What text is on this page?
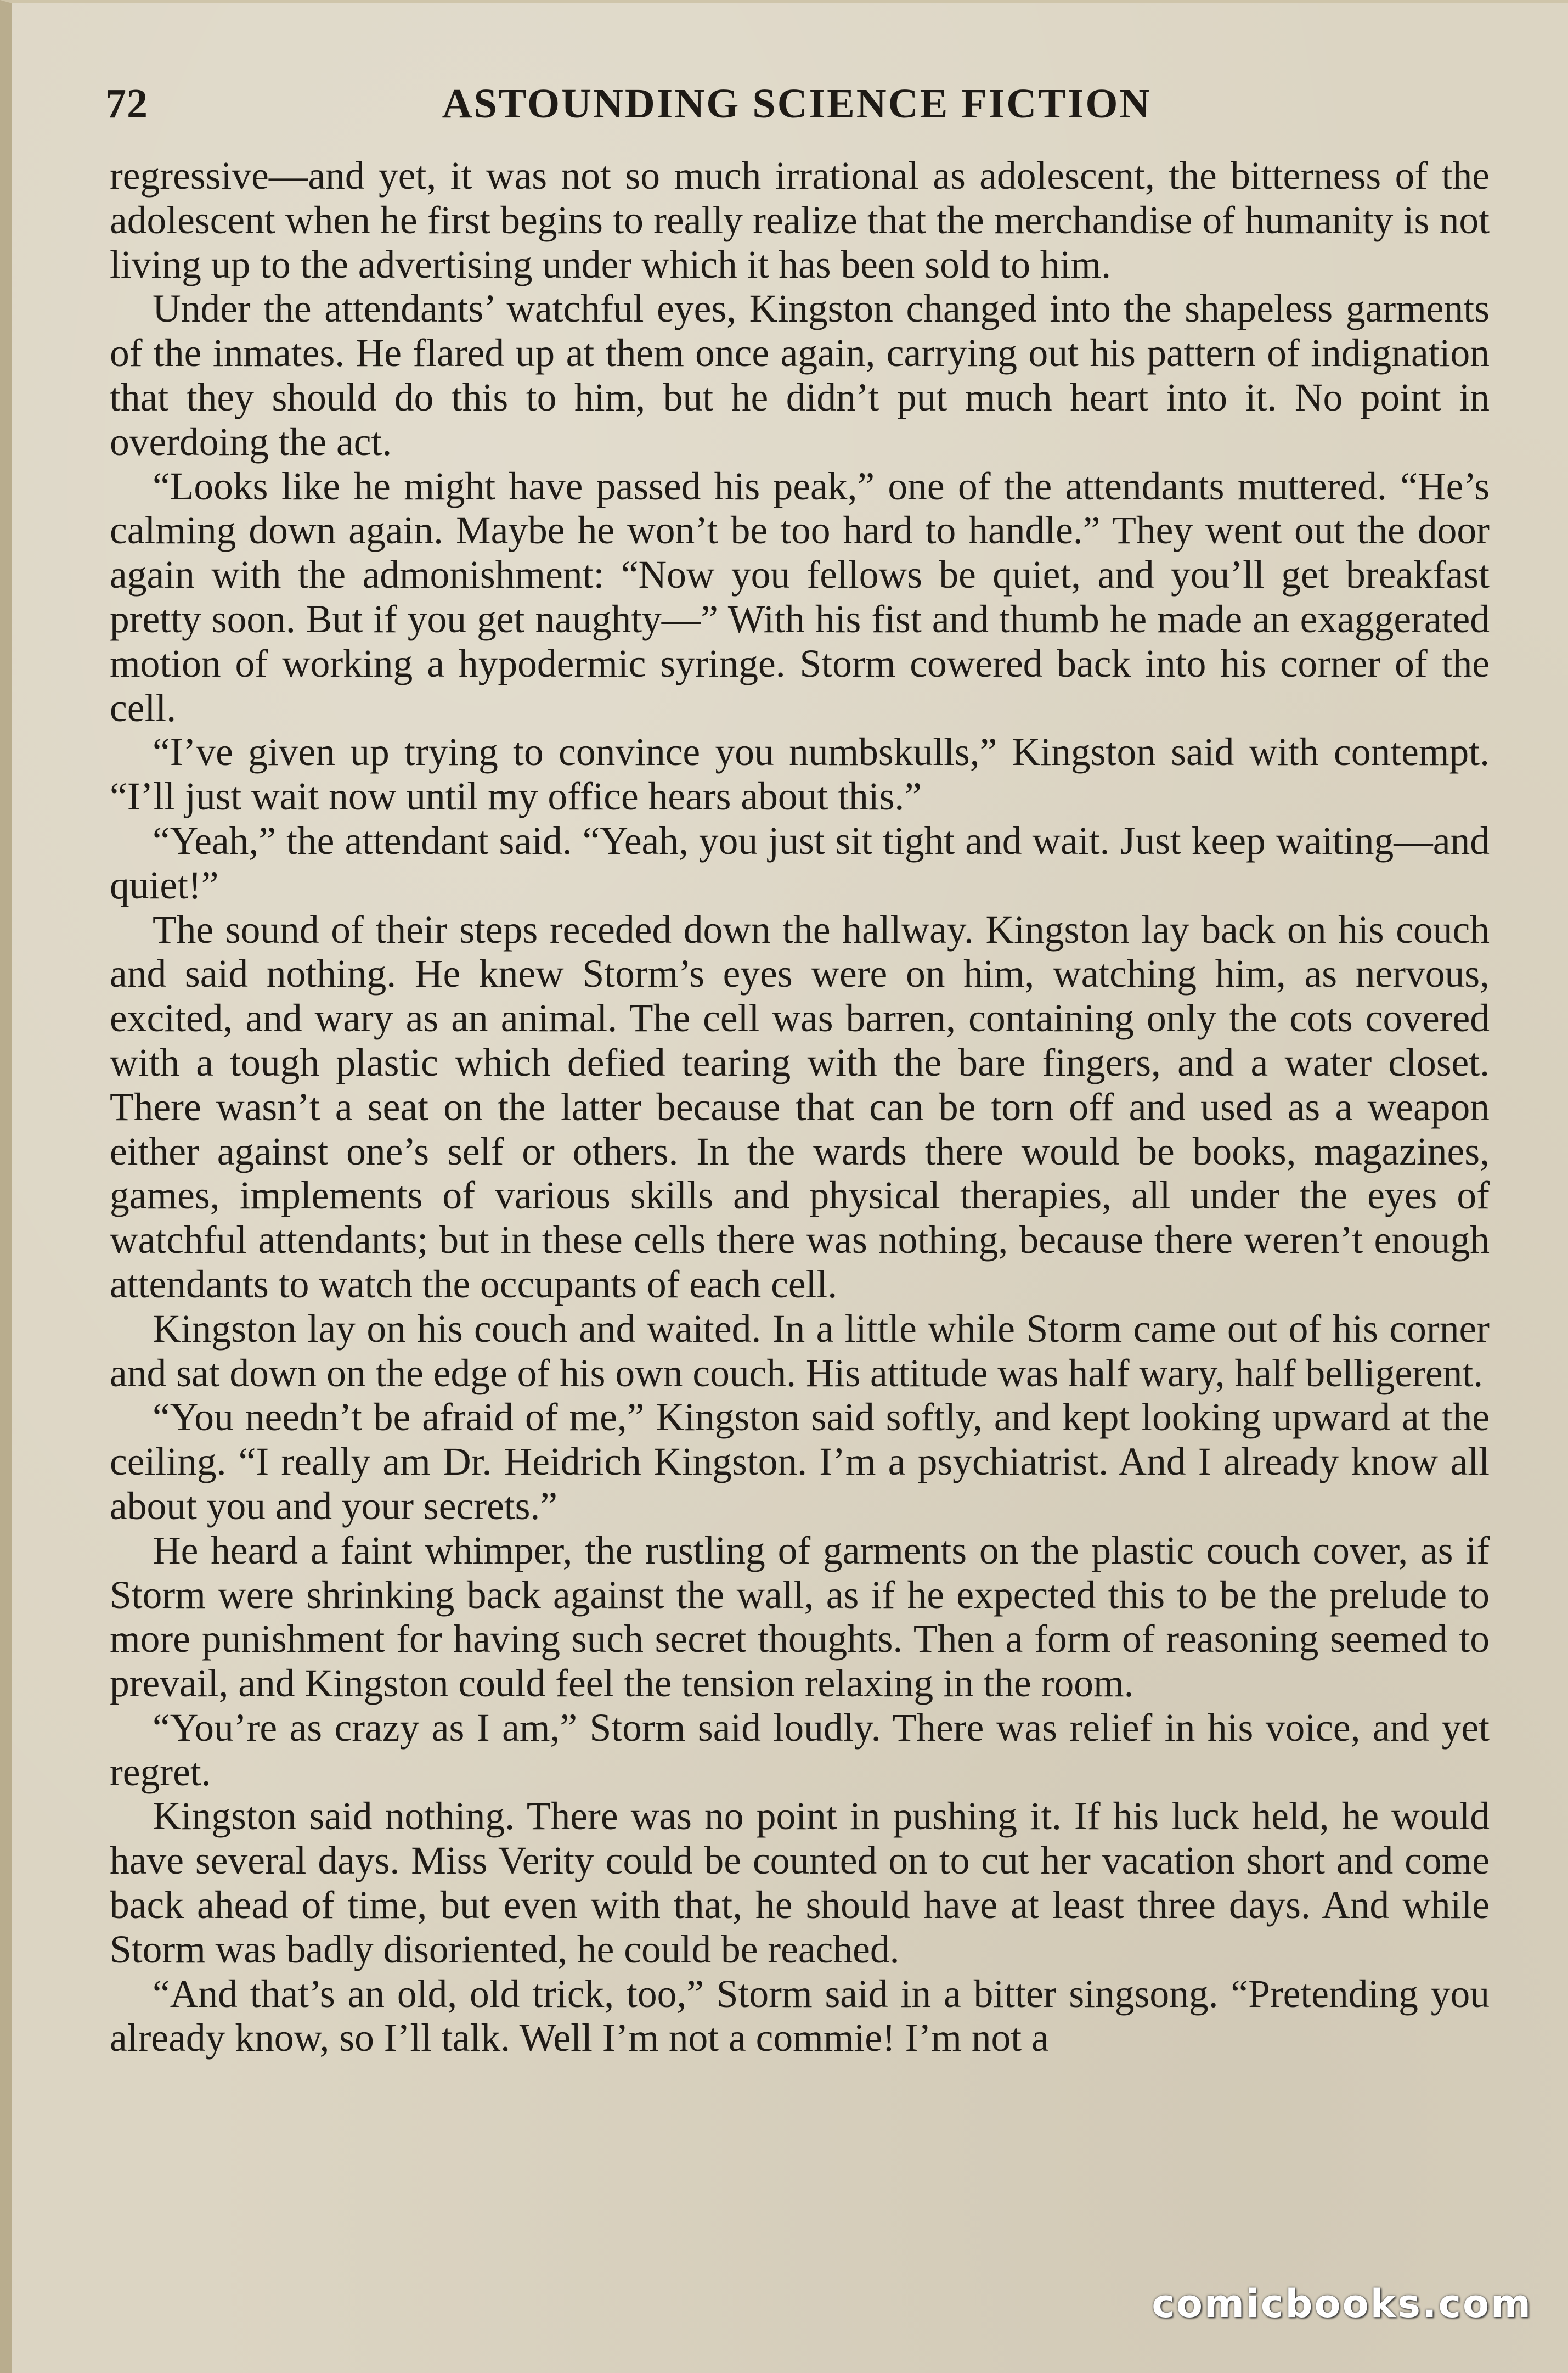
72	ASTOUNDING SCIENCE FICTION

regressive—and yet, it was not so much irrational as adolescent, the bitterness of the adolescent when he first begins to really realize that the merchandise of humanity is not living up to the advertising under which it has been sold to him.

Under the attendants’ watchful eyes, Kingston changed into the shapeless garments of the inmates. He flared up at them once again, carrying out his pattern of indignation that they should do this to him, but he didn’t put much heart into it. No point in overdoing the act.

“Looks like he might have passed his peak,” one of the attendants muttered. “He’s calming down again. Maybe he won’t be too hard to handle.” They went out the door again with the admonishment: “Now you fellows be quiet, and you’ll get breakfast pretty soon. But if you get naughty—” With his fist and thumb he made an exaggerated motion of working a hypodermic syringe. Storm cowered back into his corner of the cell.

“I’ve given up trying to convince you numbskulls,” Kingston said with contempt. “I’ll just wait now until my office hears about this.”

“Yeah,” the attendant said. “Yeah, you just sit tight and wait. Just keep waiting—and quiet!”

The sound of their steps receded down the hallway. Kingston lay back on his couch and said nothing. He knew Storm’s eyes were on him, watching him, as nervous, excited, and wary as an animal. The cell was barren, containing only the cots covered with a tough plastic which defied tearing with the bare fingers, and a water closet. There wasn’t a seat on the latter because that can be torn off and used as a weapon either against one’s self or others. In the wards there would be books, magazines, games, implements of various skills and physical therapies, all under the eyes of watchful attendants; but in these cells there was nothing, because there weren’t enough attendants to watch the occupants of each cell.

Kingston lay on his couch and waited. In a little while Storm came out of his corner and sat down on the edge of his own couch. His attitude was half wary, half belligerent.

“You needn’t be afraid of me,” Kingston said softly, and kept looking upward at the ceiling. “I really am Dr. Heidrich Kingston. I’m a psychiatrist. And I already know all about you and your secrets.”

He heard a faint whimper, the rustling of garments on the plastic couch cover, as if Storm were shrinking back against the wall, as if he expected this to be the prelude to more punishment for having such secret thoughts. Then a form of reasoning seemed to prevail, and Kingston could feel the tension relaxing in the room.

“You’re as crazy as I am,” Storm said loudly. There was relief in his voice, and yet regret.

Kingston said nothing. There was no point in pushing it. If his luck held, he would have several days. Miss Verity could be counted on to cut her vacation short and come back ahead of time, but even with that, he should have at least three days. And while Storm was badly disoriented, he could be reached.

“And that’s an old, old trick, too,” Storm said in a bitter singsong. “Pretending you already know, so I’ll talk. Well I’m not a commie! I’m not a

comicbooks.com
